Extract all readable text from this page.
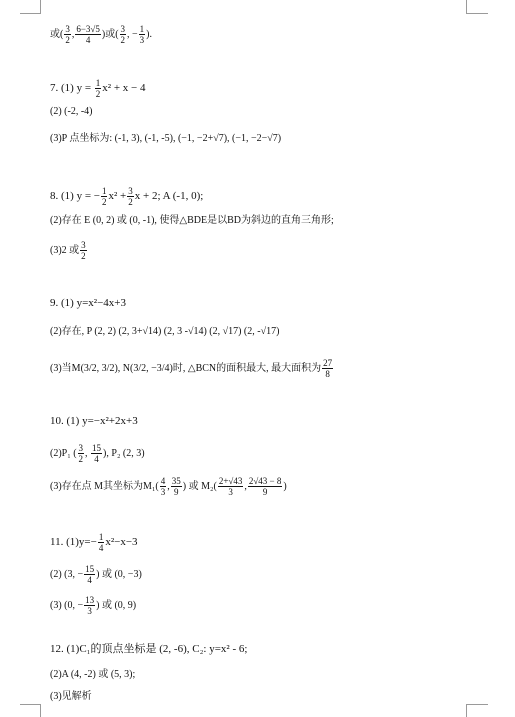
或( $\frac{3}{2}$ , $\frac{6-3√5}{4}$ )或( $\frac{3}{2}$ , − $\frac{1}{3}$ ).
7. (1) $y = \frac{1}{2} x^2 + x - 4$
(2) (-2, -4)
(3)P 点坐标为: (-1, 3), (-1, -5), (−1, −2+√7), (−1, −2−√7)
8. (1) y = − $\frac{1}{2} x^2 + \frac{3}{2}$ x + 2; A (-1, 0);
(2)存在 E (0, 2) 或 (0, -1), 使得△BDE是以BD为斜边的直角三角形;
(3)2 或 $\frac{3}{2}$
9. (1) y=x²−4x+3
(2)存在, P (2, 2) (2, 3+√14) (2, 3 -√14) (2, √17) (2, -√17)
(3)当M(3/2, 3/2), N(3/2, −3/4)时, △BCN的面积最大, 最大面积为 $\frac{27}{8}$
10. (1) y=−x²+2x+3
(2)P₁ ( $\frac{3}{2}$ , $\frac{15}{4}$ ), P₂ (2, 3)
(3)存在点 M其坐标为$M_1( \frac{4}{3}$ , $\frac{35}{9}$ ) 或 $M_2( \frac{2+√43}{3}$ , $\frac{2√43 - 8}{9}$ )
11. $(1)y=- \frac{1}{4} x^2-x-3$
(2) (3, − $\frac{15}{4}$ ) 或 (0, −3)
(3) (0, − $\frac{13}{3}$ ) 或 (0, 9)
12. (1)C₁的顶点坐标是 (2, -6), C₂: y=x² - 6;
(2)A (4, -2) 或 (5, 3);
(3)见解析
